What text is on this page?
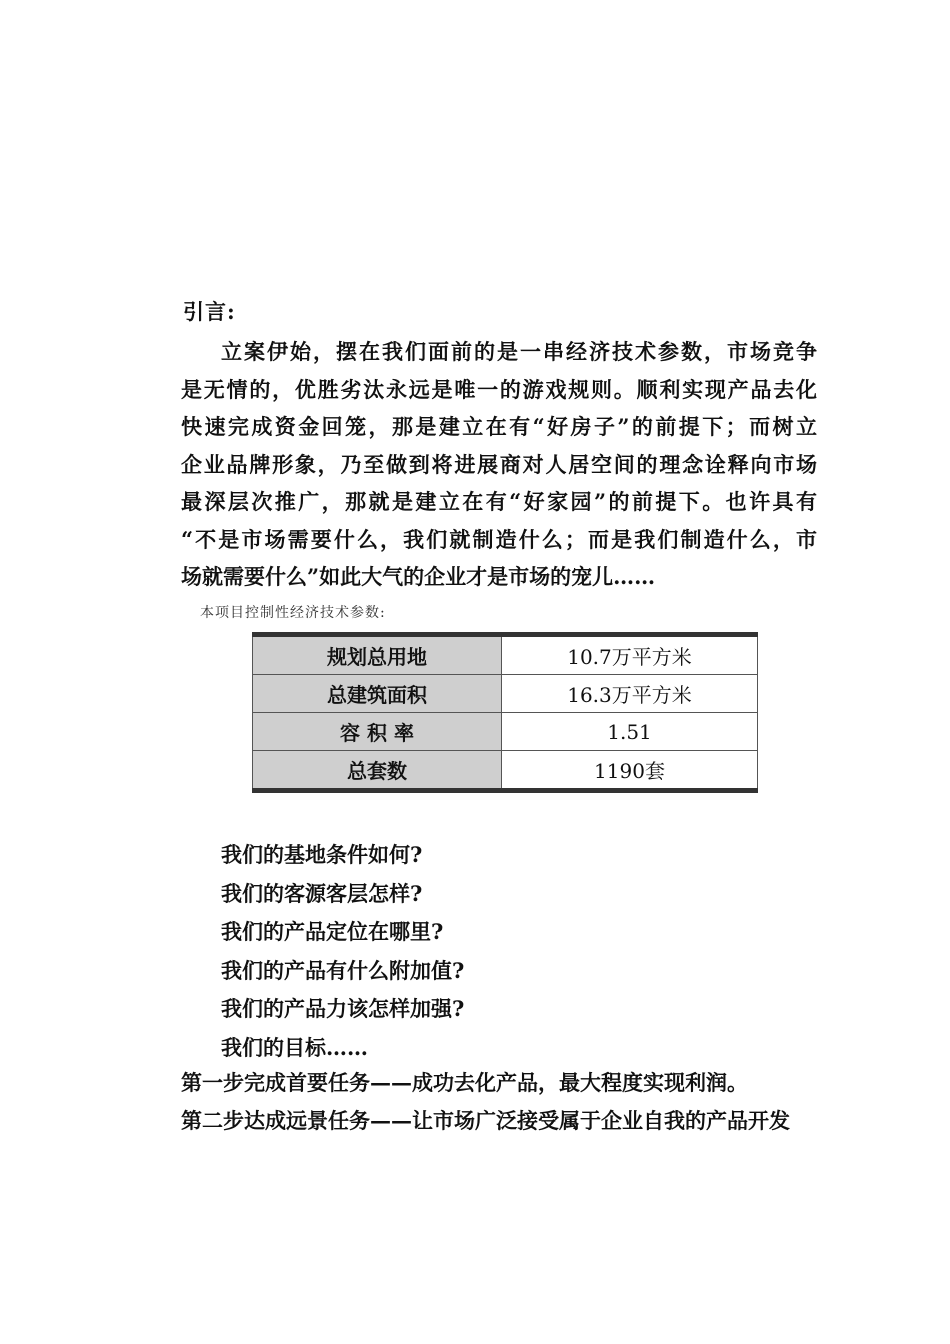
引言:
立案伊始，摆在我们面前的是一串经济技术参数，市场竞争
是无情的，优胜劣汰永远是唯一的游戏规则。顺利实现产品去化
快速完成资金回笼，那是建立在有“好房子”的前提下；而树立
企业品牌形象，乃至做到将进展商对人居空间的理念诠释向市场
最深层次推广，那就是建立在有“好家园”的前提下。也许具有
“不是市场需要什么，我们就制造什么；而是我们制造什么，市
场就需要什么”如此大气的企业才是市场的宠儿……
本项目控制性经济技术参数:
规划总用地	10.7万平方米
总建筑面积	16.3万平方米
容 积 率	1.51
总套数	1190套
我们的基地条件如何?
我们的客源客层怎样?
我们的产品定位在哪里?
我们的产品有什么附加值?
我们的产品力该怎样加强?
我们的目标……
第一步完成首要任务——成功去化产品，最大程度实现利润。
第二步达成远景任务——让市场广泛接受属于企业自我的产品开发
